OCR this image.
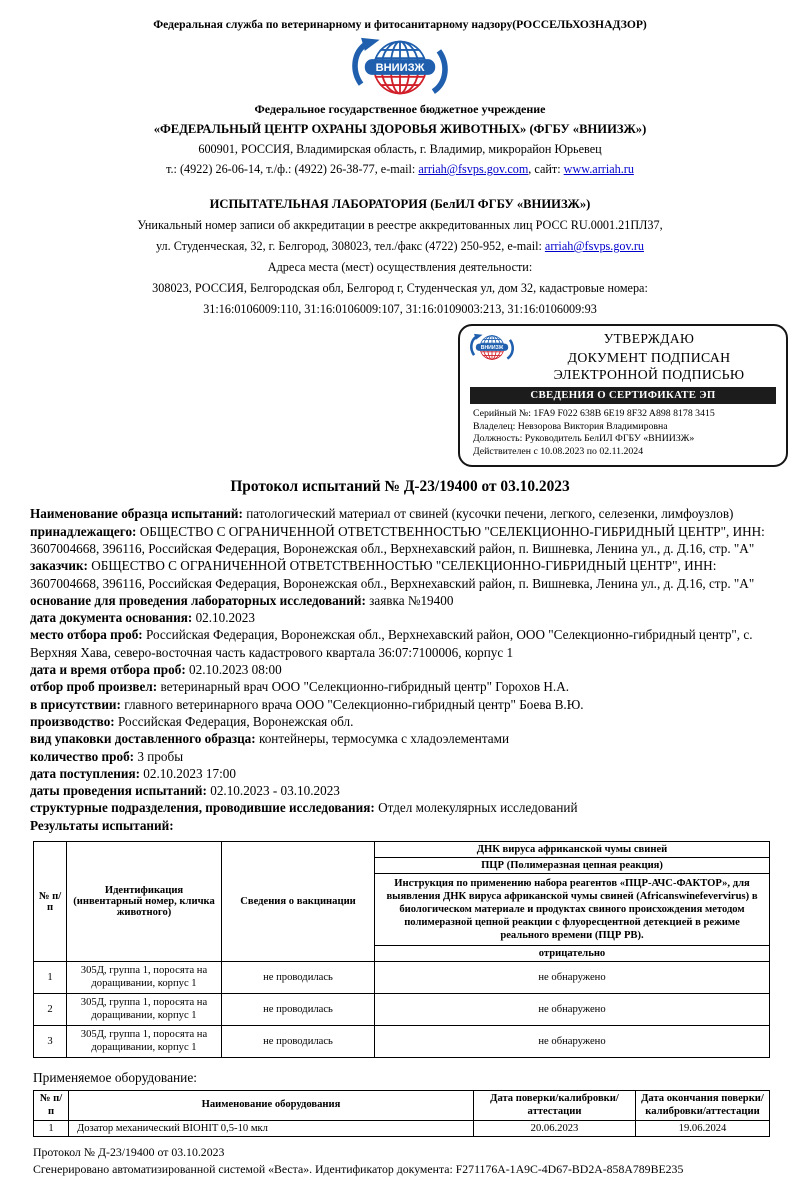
Федеральная служба по ветеринарному и фитосанитарному надзору(РОССЕЛЬХОЗНАДЗОР)

Федеральное государственное бюджетное учреждение

«ФЕДЕРАЛЬНЫЙ ЦЕНТР ОХРАНЫ ЗДОРОВЬЯ ЖИВОТНЫХ» (ФГБУ «ВНИИЗЖ»)

600901, РОССИЯ, Владимирская область, г. Владимир, микрорайон Юрьевец

т.: (4922) 26-06-14, т./ф.: (4922) 26-38-77, e-mail: arriah@fsvps.gov.com, сайт: www.arriah.ru

ИСПЫТАТЕЛЬНАЯ ЛАБОРАТОРИЯ (БелИЛ ФГБУ «ВНИИЗЖ»)

Уникальный номер записи об аккредитации в реестре аккредитованных лиц РОСС RU.0001.21ПЛ37,

ул. Студенческая, 32, г. Белгород, 308023, тел./факс (4722) 250-952, e-mail: arriah@fsvps.gov.ru

Адреса места (мест) осуществления деятельности:

308023, РОССИЯ, Белгородская обл, Белгород г, Студенческая ул, дом 32, кадастровые номера:

31:16:0106009:110, 31:16:0106009:107, 31:16:0109003:213, 31:16:0106009:93

УТВЕРЖДАЮ
ДОКУМЕНТ ПОДПИСАН
ЭЛЕКТРОННОЙ ПОДПИСЬЮ
СВЕДЕНИЯ О СЕРТИФИКАТЕ ЭП
Серийный №: 1FA9 F022 638B 6E19 8F32 A898 8178 3415
Владелец: Невзорова Виктория Владимировна
Должность: Руководитель БелИЛ ФГБУ «ВНИИЗЖ»
Действителен с 10.08.2023 по 02.11.2024
Протокол испытаний № Д-23/19400 от 03.10.2023

Наименование образца испытаний: патологический материал от свиней (кусочки печени, легкого, селезенки, лимфоузлов)

принадлежащего: ОБЩЕСТВО С ОГРАНИЧЕННОЙ ОТВЕТСТВЕННОСТЬЮ "СЕЛЕКЦИОННО-ГИБРИДНЫЙ ЦЕНТР", ИНН: 3607004668, 396116, Российская Федерация, Воронежская обл., Верхнехавский район, п. Вишневка, Ленина ул., д. Д.16, стр. "А"

заказчик: ОБЩЕСТВО С ОГРАНИЧЕННОЙ ОТВЕТСТВЕННОСТЬЮ "СЕЛЕКЦИОННО-ГИБРИДНЫЙ ЦЕНТР", ИНН: 3607004668, 396116, Российская Федерация, Воронежская обл., Верхнехавский район, п. Вишневка, Ленина ул., д. Д.16, стр. "А"

основание для проведения лабораторных исследований: заявка №19400

дата документа основания: 02.10.2023

место отбора проб: Российская Федерация, Воронежская обл., Верхнехавский район, ООО "Селекционно-гибридный центр", с. Верхняя Хава, северо-восточная часть кадастрового квартала 36:07:7100006, корпус 1

дата и время отбора проб: 02.10.2023 08:00

отбор проб произвел: ветеринарный врач ООО "Селекционно-гибридный центр" Горохов Н.А.

в присутствии: главного ветеринарного врача ООО "Селекционно-гибридный центр" Боева В.Ю.

производство: Российская Федерация, Воронежская обл.

вид упаковки доставленного образца: контейнеры, термосумка с хладоэлементами

количество проб: 3 пробы

дата поступления: 02.10.2023 17:00

даты проведения испытаний: 02.10.2023 - 03.10.2023

структурные подразделения, проводившие исследования: Отдел молекулярных исследований

Результаты испытаний:

№ п/п	Идентификация (инвентарный номер, кличка животного)	Сведения о вакцинации	ДНК вируса африканской чумы свиней
			ПЦР (Полимеразная цепная реакция)
			Инструкция по применению набора реагентов «ПЦР-АЧС-ФАКТОР», для выявления ДНК вируса африканской чумы свиней (Africanswinefevervirus) в биологическом материале и продуктах свиного происхождения методом полимеразной цепной реакции с флуоресцентной детекцией в режиме реального времени (ПЦР РВ).
			отрицательно
1	305Д, группа 1, поросята на доращивании, корпус 1	не проводилась	не обнаружено
2	305Д, группа 1, поросята на доращивании, корпус 1	не проводилась	не обнаружено
3	305Д, группа 1, поросята на доращивании, корпус 1	не проводилась	не обнаружено

Применяемое оборудование:

№ п/п	Наименование оборудования	Дата поверки/калибровки/аттестации	Дата окончания поверки/калибровки/аттестации
1	Дозатор механический BIOHIT 0,5-10 мкл	20.06.2023	19.06.2024

Протокол № Д-23/19400 от 03.10.2023

Сгенерировано автоматизированной системой «Веста». Идентификатор документа: F271176A-1A9C-4D67-BD2A-858A789BE235
